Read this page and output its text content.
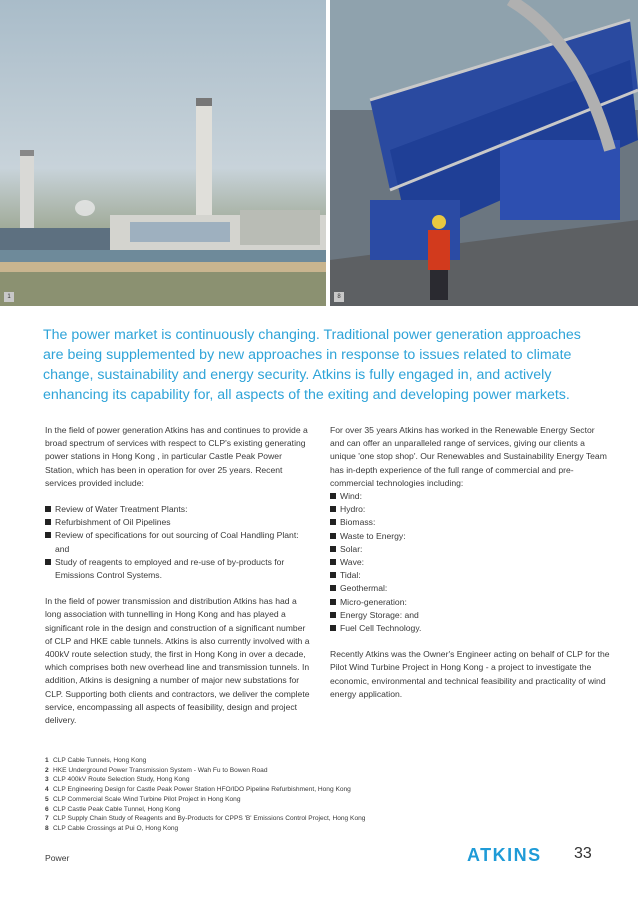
1	8
The power market is continuously changing. Traditional power generation approaches are being supplemented by new approaches in response to issues related to climate change, sustainability and energy security. Atkins is fully engaged in, and actively enhancing its capability for, all aspects of the exiting and developing power markets.

In the field of power generation Atkins has and continues to provide a broad spectrum of services with respect to CLP's existing generating power stations in Hong Kong , in particular Castle Peak Power Station, which has been in operation for over 25 years. Recent services provided include:

Review of Water Treatment Plants:
Refurbishment of Oil Pipelines
Review of specifications for out sourcing of Coal Handling Plant: and
Study of reagents to employed and re-use of by-products for Emissions Control Systems.

In the field of power transmission and distribution Atkins has had a long association with tunnelling in Hong Kong and has played a significant role in the design and construction of a significant number of CLP and HKE cable tunnels. Atkins is also currently involved with a 400kV route selection study, the first in Hong Kong in over a decade, which comprises both new overhead line and transmission tunnels. In addition, Atkins is designing a number of major new substations for CLP. Supporting both clients and contractors, we deliver the complete service, encompassing all aspects of feasibility, design and project delivery.

For over 35 years Atkins has worked in the Renewable Energy Sector and can offer an unparalleled range of services, giving our clients a unique 'one stop shop'. Our Renewables and Sustainability Energy Team has in-depth experience of the full range of commercial and pre-commercial technologies including:

Wind:
Hydro:
Biomass:
Waste to Energy:
Solar:
Wave:
Tidal:
Geothermal:
Micro-generation:
Energy Storage: and
Fuel Cell Technology.

Recently Atkins was the Owner's Engineer acting on behalf of CLP for the Pilot Wind Turbine Project in Hong Kong - a project to investigate the economic, environmental and technical feasibility and practicality of wind energy application.

1 CLP Cable Tunnels, Hong Kong
2 HKE Underground Power Transmission System - Wah Fu to Bowen Road
3 CLP 400kV Route Selection Study, Hong Kong
4 CLP Engineering Design for Castle Peak Power Station HFO/IDO Pipeline Refurbishment, Hong Kong
5 CLP Commercial Scale Wind Turbine Pilot Project in Hong Kong
6 CLP Castle Peak Cable Tunnel, Hong Kong
7 CLP Supply Chain Study of Reagents and By-Products for CPPS 'B' Emissions Control Project, Hong Kong
8 CLP Cable Crossings at Pui O, Hong Kong
Power	ATKINS 33
